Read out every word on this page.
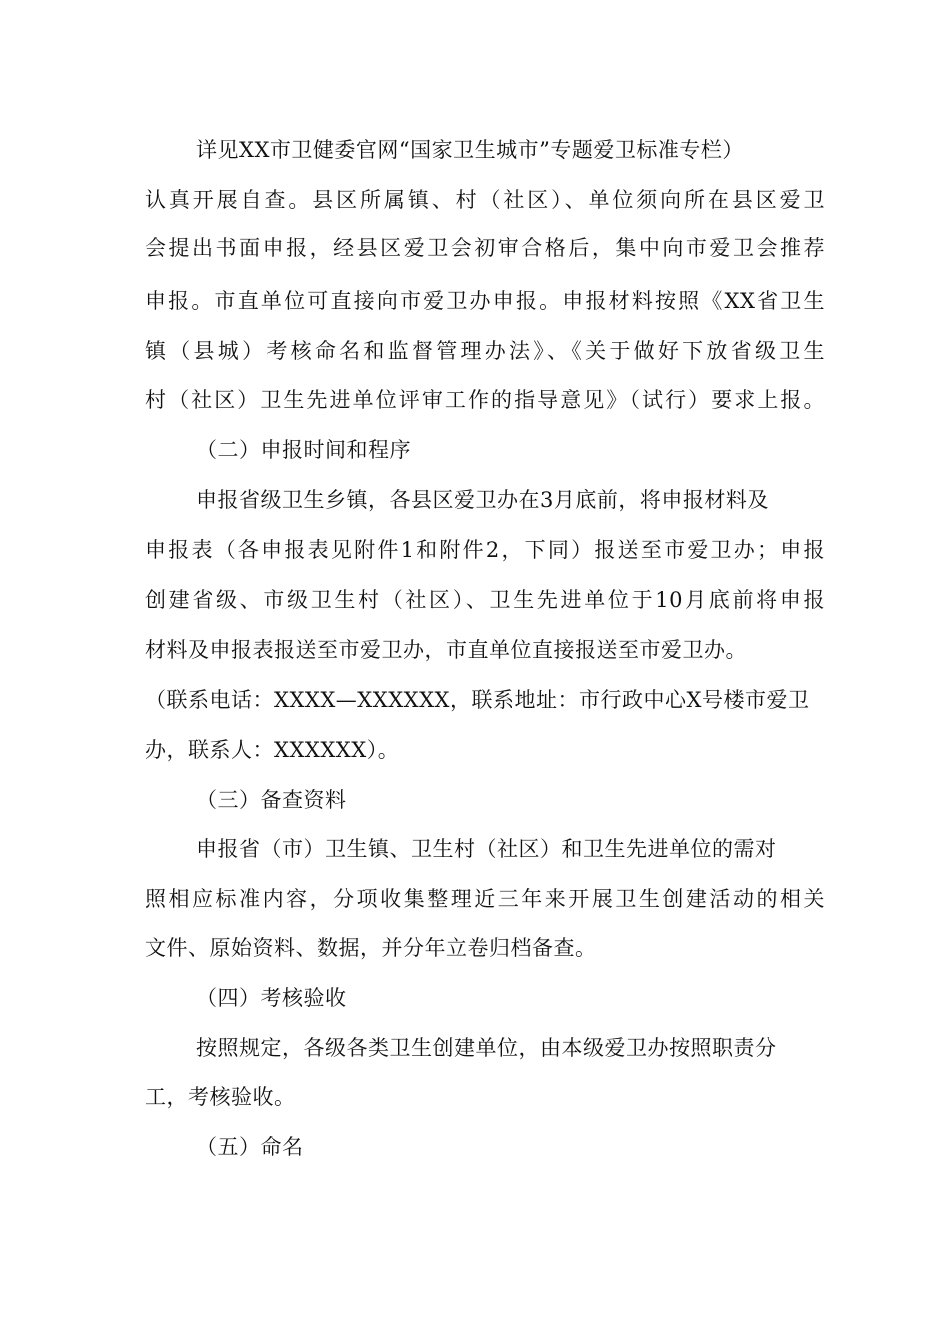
详见XX市卫健委官网“国家卫生城市”专题爱卫标准专栏）
认真开展自查。县区所属镇、村（社区）、单位须向所在县区爱卫
会提出书面申报，经县区爱卫会初审合格后，集中向市爱卫会推荐
申报。市直单位可直接向市爱卫办申报。申报材料按照《XX省卫生
镇（县城）考核命名和监督管理办法》、《关于做好下放省级卫生
村（社区）卫生先进单位评审工作的指导意见》（试行）要求上报。
（二）申报时间和程序
申报省级卫生乡镇，各县区爱卫办在3月底前，将申报材料及
申报表（各申报表见附件1和附件2，下同）报送至市爱卫办；申报
创建省级、市级卫生村（社区）、卫生先进单位于10月底前将申报
材料及申报表报送至市爱卫办，市直单位直接报送至市爱卫办。
（联系电话：XXXX—XXXXXX，联系地址：市行政中心X号楼市爱卫
办，联系人：XXXXXX）。
（三）备查资料
申报省（市）卫生镇、卫生村（社区）和卫生先进单位的需对
照相应标准内容，分项收集整理近三年来开展卫生创建活动的相关
文件、原始资料、数据，并分年立卷归档备查。
（四）考核验收
按照规定，各级各类卫生创建单位，由本级爱卫办按照职责分
工，考核验收。
（五）命名
